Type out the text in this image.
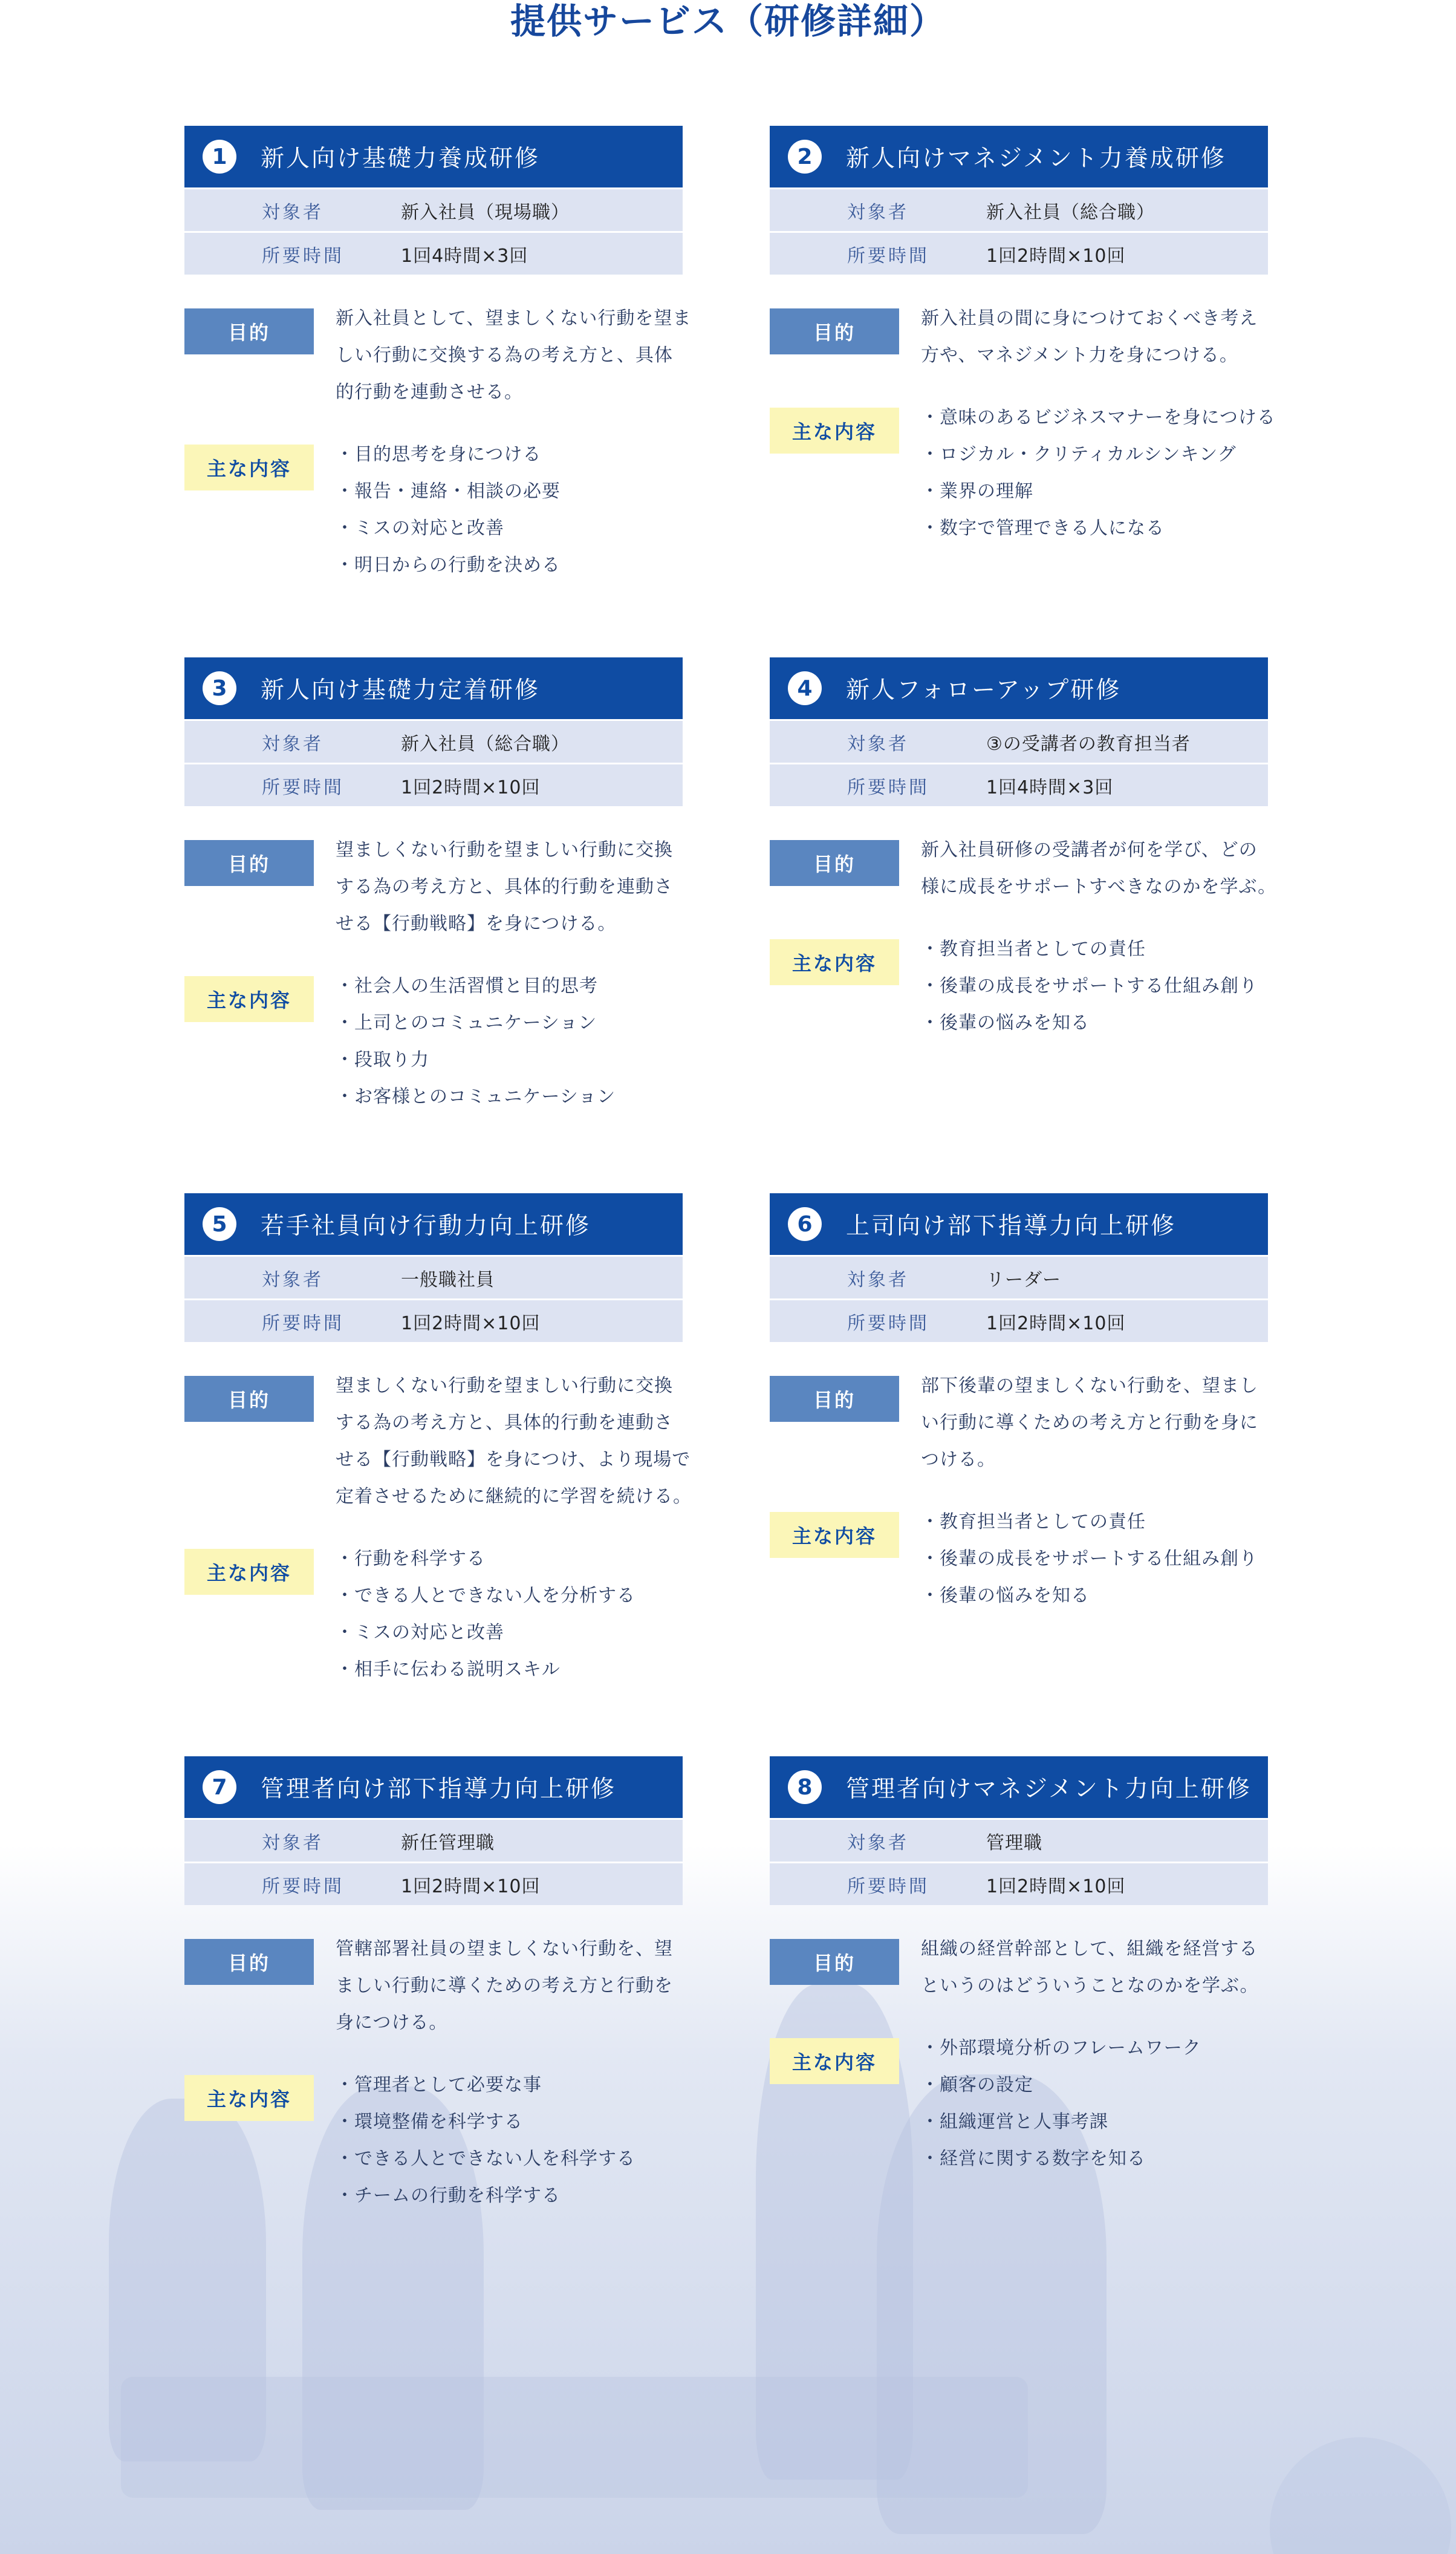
提供サービス（研修詳細）
1	新人向け基礎力養成研修
対象者	新入社員（現場職）
所要時間	1回4時間×3回
目的
新入社員として、望ましくない行動を望ま
しい行動に交換する為の考え方と、具体
的行動を連動させる。
主な内容
・目的思考を身につける
・報告・連絡・相談の必要
・ミスの対応と改善
・明日からの行動を決める
2	新人向けマネジメント力養成研修
対象者	新入社員（総合職）
所要時間	1回2時間×10回
目的
新入社員の間に身につけておくべき考え
方や、マネジメント力を身につける。
主な内容
・意味のあるビジネスマナーを身につける
・ロジカル・クリティカルシンキング
・業界の理解
・数字で管理できる人になる
3	新人向け基礎力定着研修
対象者	新入社員（総合職）
所要時間	1回2時間×10回
目的
望ましくない行動を望ましい行動に交換
する為の考え方と、具体的行動を連動さ
せる【行動戦略】を身につける。
主な内容
・社会人の生活習慣と目的思考
・上司とのコミュニケーション
・段取り力
・お客様とのコミュニケーション
4	新人フォローアップ研修
対象者	③の受講者の教育担当者
所要時間	1回4時間×3回
目的
新入社員研修の受講者が何を学び、どの
様に成長をサポートすべきなのかを学ぶ。
主な内容
・教育担当者としての責任
・後輩の成長をサポートする仕組み創り
・後輩の悩みを知る
5	若手社員向け行動力向上研修
対象者	一般職社員
所要時間	1回2時間×10回
目的
望ましくない行動を望ましい行動に交換
する為の考え方と、具体的行動を連動さ
せる【行動戦略】を身につけ、より現場で
定着させるために継続的に学習を続ける。
主な内容
・行動を科学する
・できる人とできない人を分析する
・ミスの対応と改善
・相手に伝わる説明スキル
6	上司向け部下指導力向上研修
対象者	リーダー
所要時間	1回2時間×10回
目的
部下後輩の望ましくない行動を、望まし
い行動に導くための考え方と行動を身に
つける。
主な内容
・教育担当者としての責任
・後輩の成長をサポートする仕組み創り
・後輩の悩みを知る
7	管理者向け部下指導力向上研修
対象者	新任管理職
所要時間	1回2時間×10回
目的
管轄部署社員の望ましくない行動を、望
ましい行動に導くための考え方と行動を
身につける。
主な内容
・管理者として必要な事
・環境整備を科学する
・できる人とできない人を科学する
・チームの行動を科学する
8	管理者向けマネジメント力向上研修
対象者	管理職
所要時間	1回2時間×10回
目的
組織の経営幹部として、組織を経営する
というのはどういうことなのかを学ぶ。
主な内容
・外部環境分析のフレームワーク
・顧客の設定
・組織運営と人事考課
・経営に関する数字を知る
